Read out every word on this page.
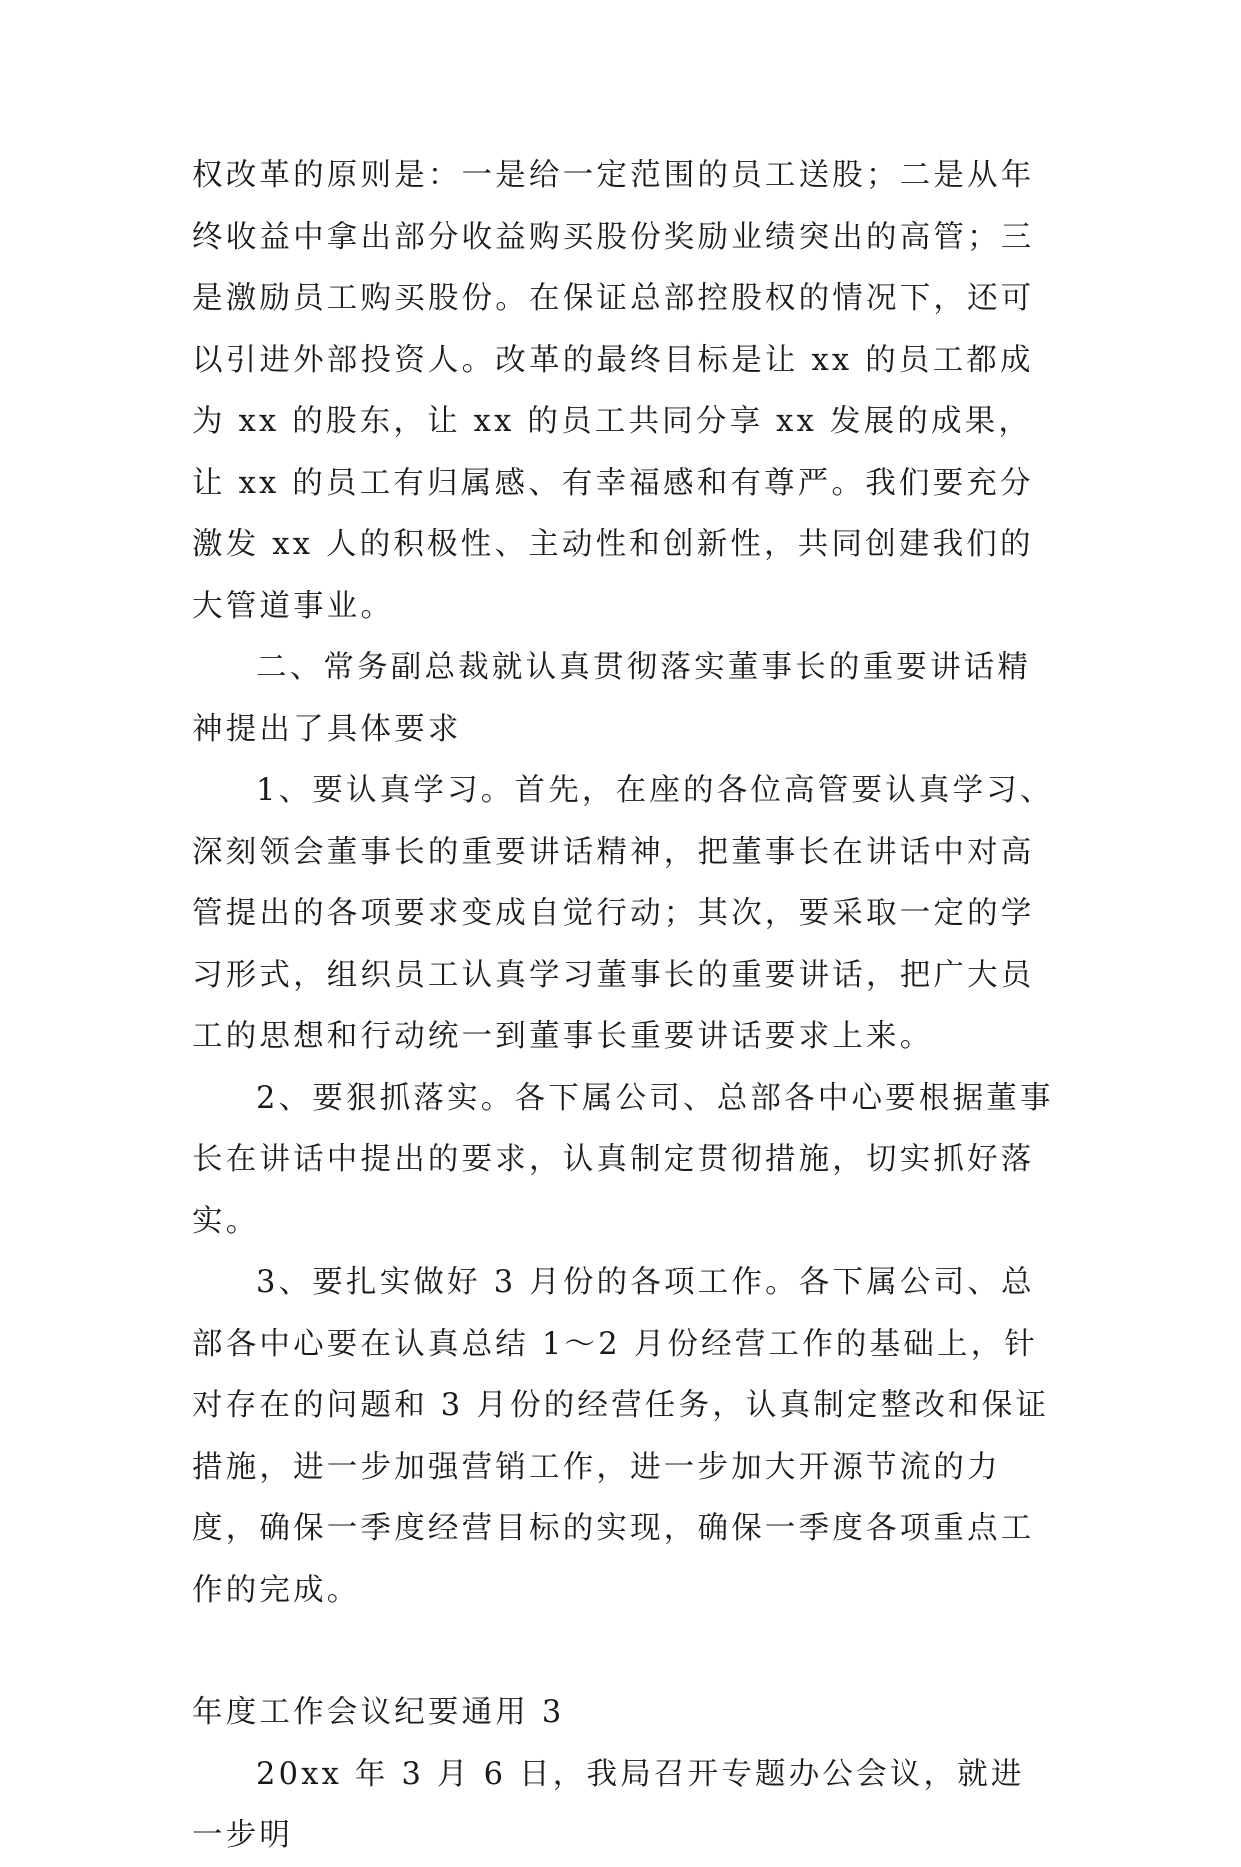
权改革的原则是：一是给一定范围的员工送股；二是从年终收益中拿出部分收益购买股份奖励业绩突出的高管；三是激励员工购买股份。在保证总部控股权的情况下，还可以引进外部投资人。改革的最终目标是让 xx 的员工都成为 xx 的股东，让 xx 的员工共同分享 xx 发展的成果，让 xx 的员工有归属感、有幸福感和有尊严。我们要充分激发 xx 人的积极性、主动性和创新性，共同创建我们的大管道事业。

二、常务副总裁就认真贯彻落实董事长的重要讲话精神提出了具体要求

1、要认真学习。首先，在座的各位高管要认真学习、深刻领会董事长的重要讲话精神，把董事长在讲话中对高管提出的各项要求变成自觉行动；其次，要采取一定的学习形式，组织员工认真学习董事长的重要讲话，把广大员工的思想和行动统一到董事长重要讲话要求上来。

2、要狠抓落实。各下属公司、总部各中心要根据董事长在讲话中提出的要求，认真制定贯彻措施，切实抓好落实。

3、要扎实做好 3 月份的各项工作。各下属公司、总部各中心要在认真总结 1～2 月份经营工作的基础上，针对存在的问题和 3 月份的经营任务，认真制定整改和保证措施，进一步加强营销工作，进一步加大开源节流的力度，确保一季度经营目标的实现，确保一季度各项重点工作的完成。

年度工作会议纪要通用 3

20xx 年 3 月 6 日，我局召开专题办公会议，就进一步明
